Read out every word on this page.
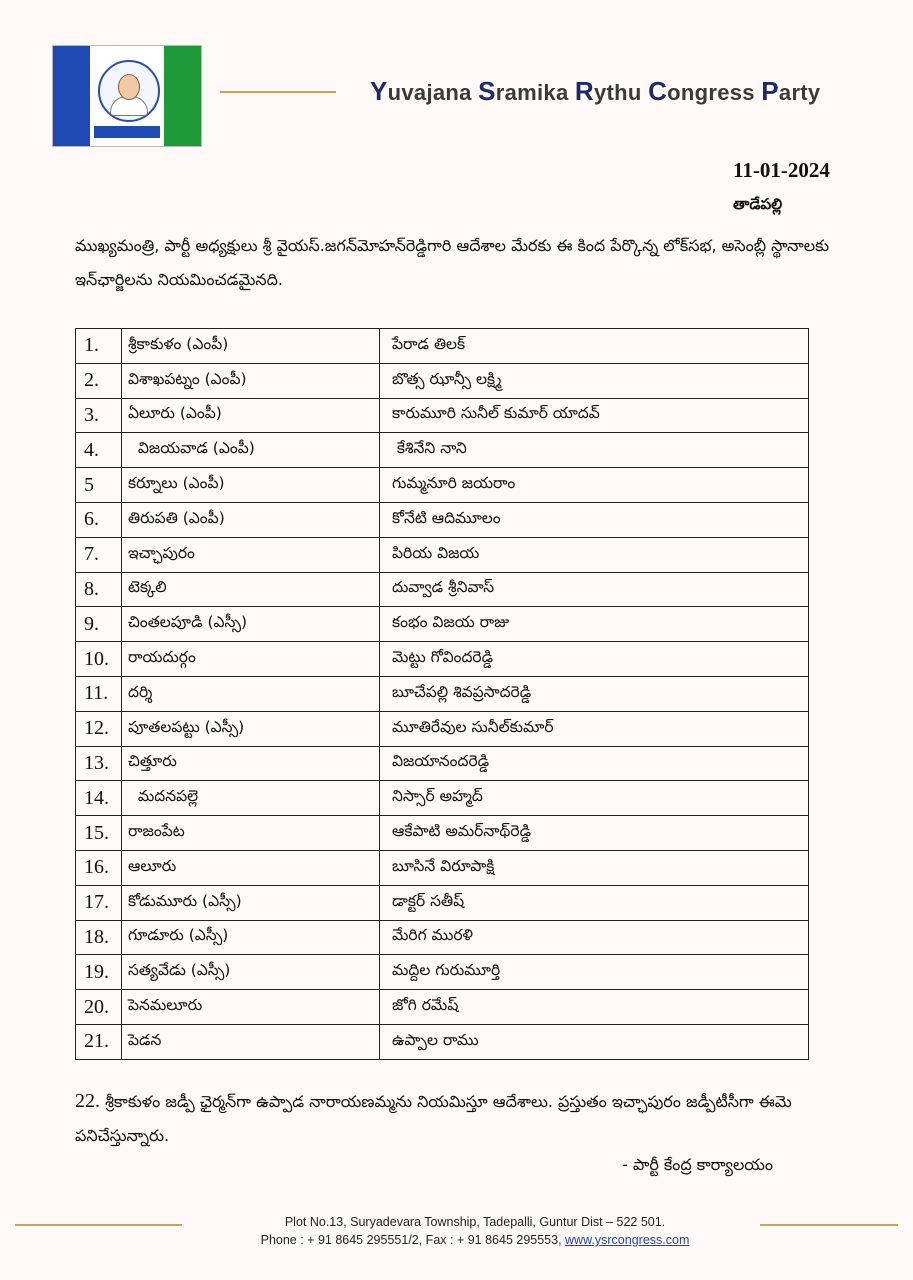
Yuvajana Sramika Rythu Congress Party
11-01-2024
తాడేపల్లి
ముఖ్యమంత్రి, పార్టీ అధ్యక్షులు శ్రీ వైయస్.జగన్‌మోహన్‌రెడ్డిగారి ఆదేశాల మేరకు ఈ కింద పేర్కొన్న లోక్‌సభ, అసెంబ్లీ స్థానాలకు ఇన్‌ఛార్జిలను నియమించడమైనది.
1.	శ్రీకాకుళం (ఎంపీ)	పేరాడ తిలక్
2.	విశాఖపట్నం (ఎంపీ)	బొత్స ఝాన్సీ లక్ష్మి
3.	ఏలూరు (ఎంపీ)	కారుమూరి సునీల్ కుమార్ యాదవ్
4.	విజయవాడ (ఎంపీ)	కేశినేని నాని
5	కర్నూలు (ఎంపీ)	గుమ్మనూరి జయరాం
6.	తిరుపతి (ఎంపీ)	కోనేటి ఆదిమూలం
7.	ఇచ్ఛాపురం	పిరియ విజయ
8.	టెక్కలి	దువ్వాడ శ్రీనివాస్
9.	చింతలపూడి (ఎస్సీ)	కంభం విజయ రాజు
10.	రాయదుర్గం	మెట్టు గోవిందరెడ్డి
11.	దర్శి	బూచేపల్లి శివప్రసాదరెడ్డి
12.	పూతలపట్టు (ఎస్సీ)	మూతిరేవుల సునీల్‌కుమార్
13.	చిత్తూరు	విజయానందరెడ్డి
14.	మదనపల్లె	నిస్సార్ అహ్మద్
15.	రాజంపేట	ఆకేపాటి అమర్‌నాథ్‌రెడ్డి
16.	ఆలూరు	బూసినే విరూపాక్షి
17.	కోడుమూరు (ఎస్సీ)	డాక్టర్ సతీష్
18.	గూడూరు (ఎస్సీ)	మేరిగ మురళి
19.	సత్యవేడు (ఎస్సీ)	మద్దిల గురుమూర్తి
20.	పెనమలూరు	జోగి రమేష్
21.	పెడన	ఉప్పాల రాము
22. శ్రీకాకుళం జడ్పీ ఛైర్మన్‌గా ఉప్పాడ నారాయణమ్మను నియమిస్తూ ఆదేశాలు. ప్రస్తుతం ఇచ్ఛాపురం జడ్పీటీసీగా ఈమె పనిచేస్తున్నారు.
- పార్టీ కేంద్ర కార్యాలయం
Plot No.13, Suryadevara Township, Tadepalli, Guntur Dist – 522 501.
Phone : + 91 8645 295551/2, Fax : + 91 8645 295553, www.ysrcongress.com
